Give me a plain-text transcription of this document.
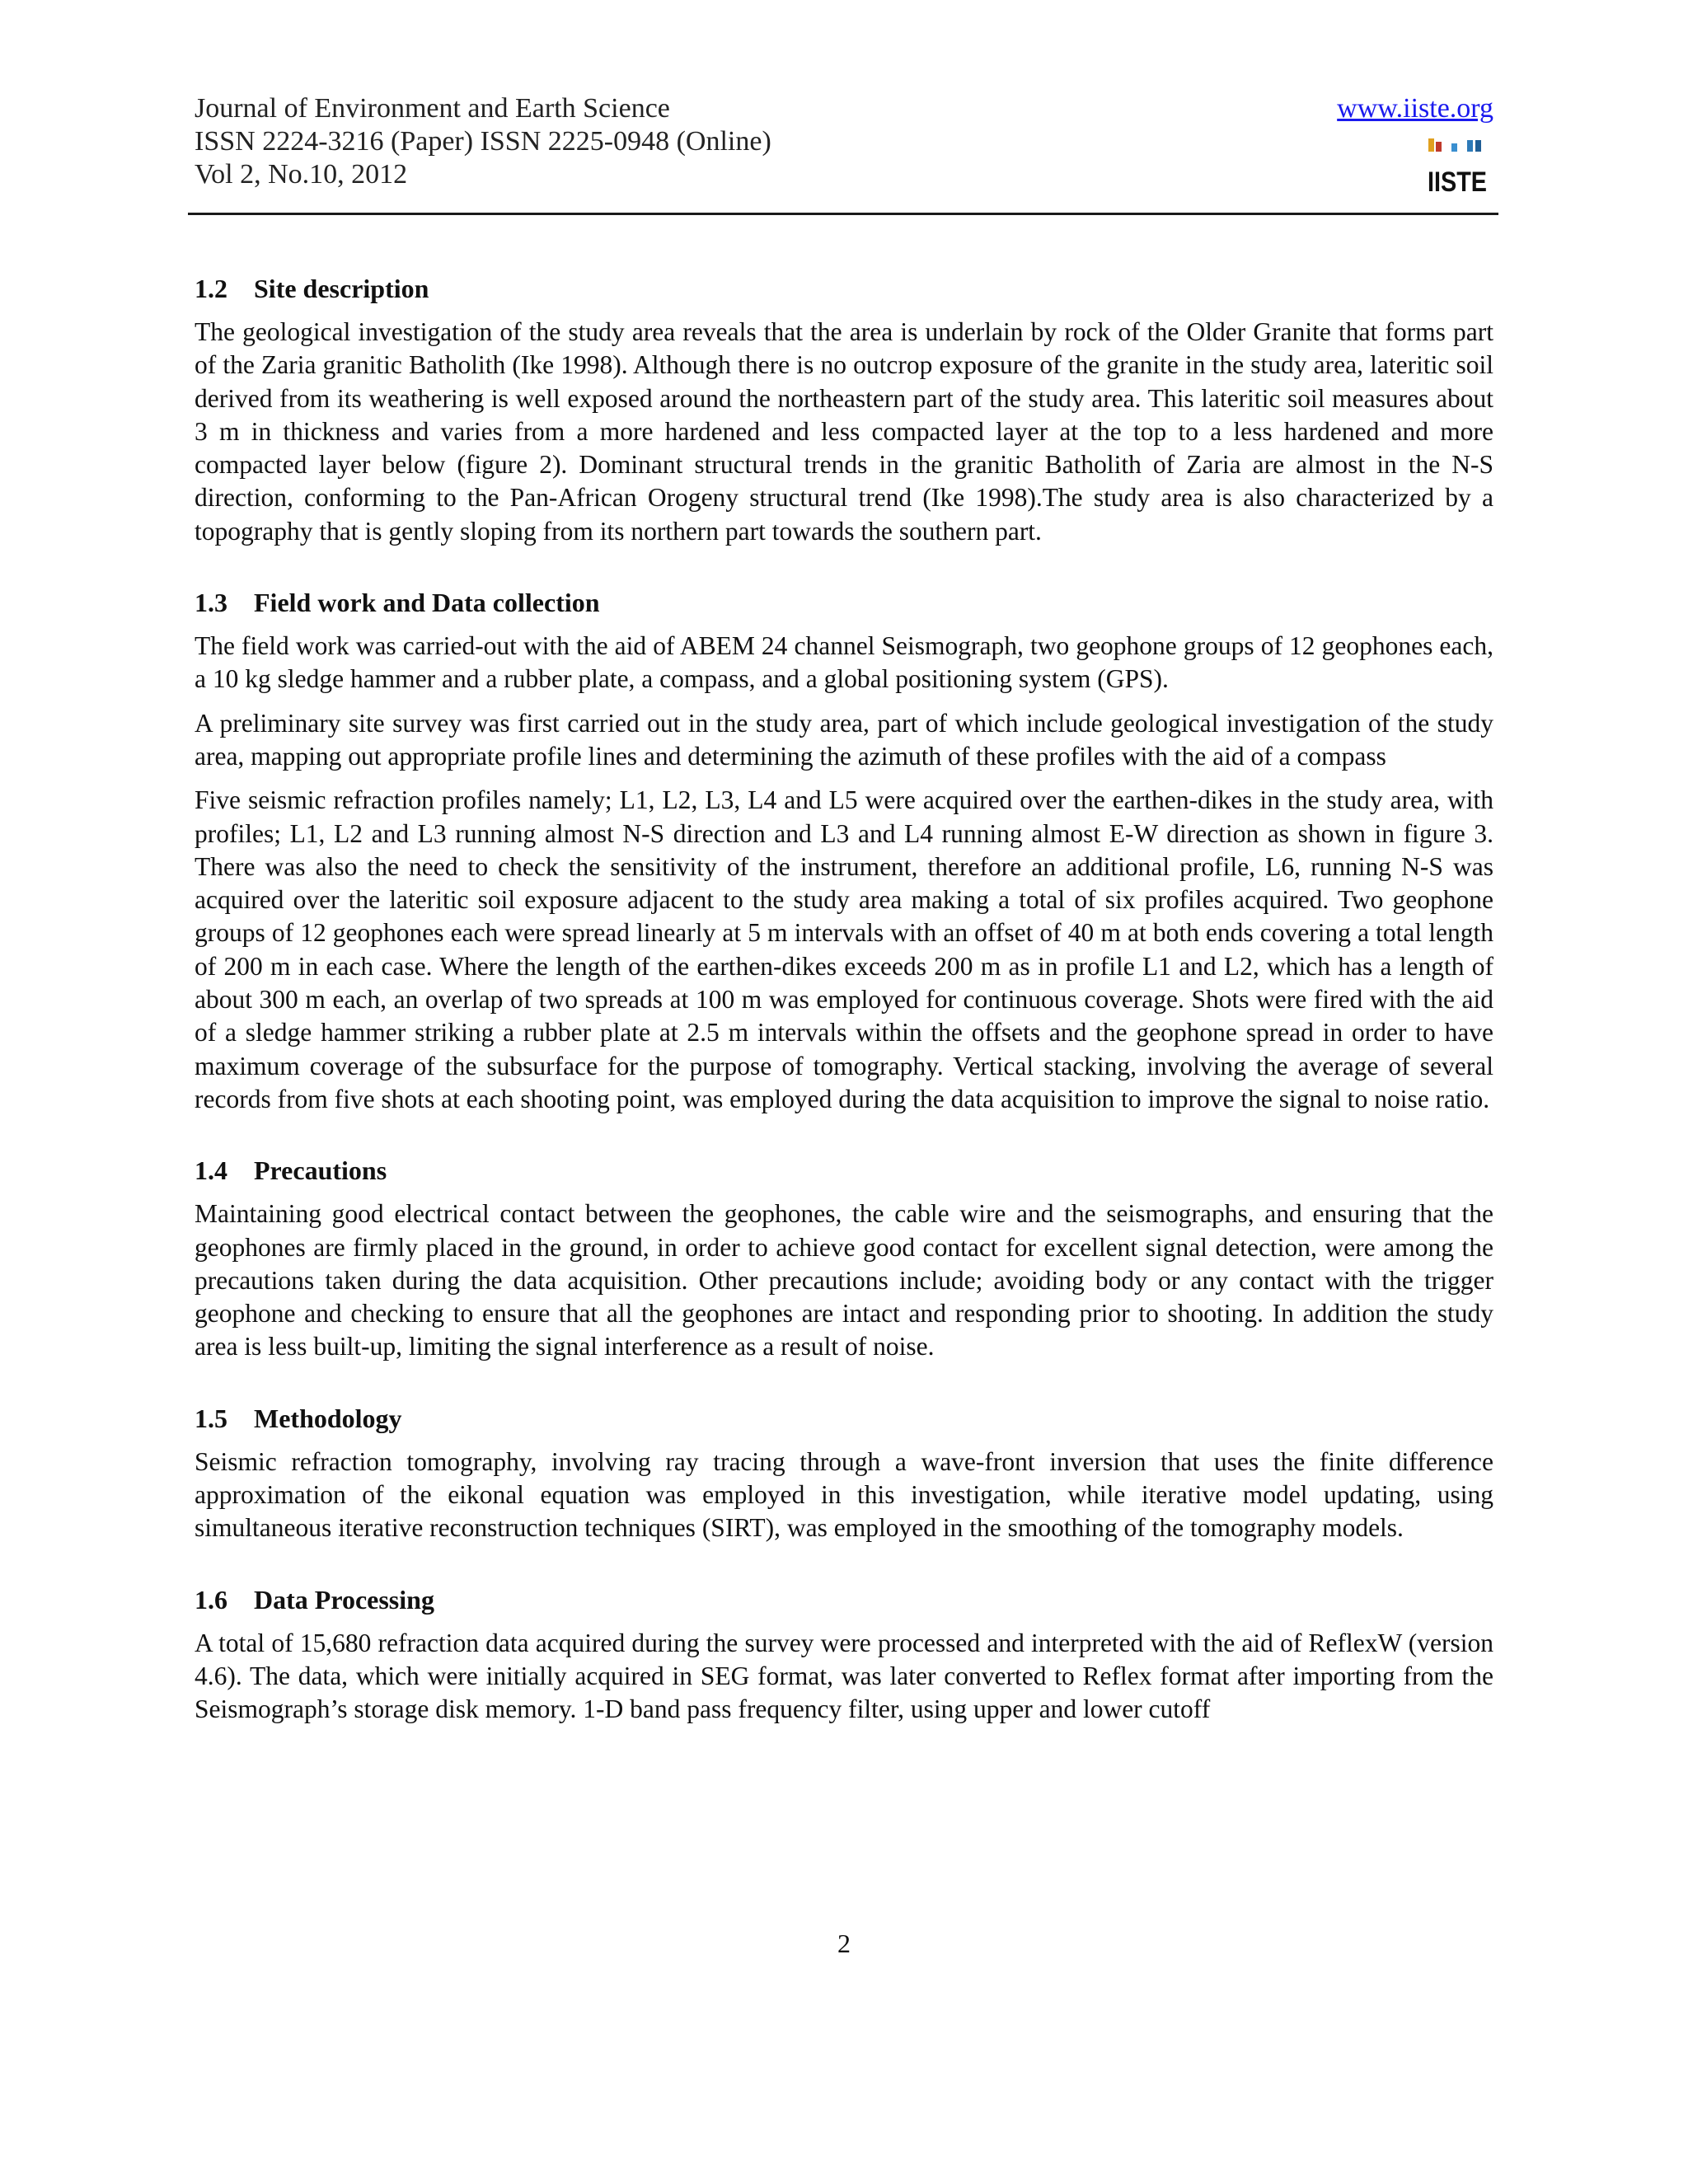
Journal of Environment and Earth Science
ISSN 2224-3216 (Paper) ISSN 2225-0948 (Online)
Vol 2, No.10, 2012
www.iiste.org
IISTE
1.2 Site description

The geological investigation of the study area reveals that the area is underlain by rock of the Older Granite that forms part of the Zaria granitic Batholith (Ike 1998). Although there is no outcrop exposure of the granite in the study area, lateritic soil derived from its weathering is well exposed around the northeastern part of the study area. This lateritic soil measures about 3 m in thickness and varies from a more hardened and less compacted layer at the top to a less hardened and more compacted layer below (figure 2). Dominant structural trends in the granitic Batholith of Zaria are almost in the N-S direction, conforming to the Pan-African Orogeny structural trend (Ike 1998).The study area is also characterized by a topography that is gently sloping from its northern part towards the southern part.

1.3 Field work and Data collection

The field work was carried-out with the aid of ABEM 24 channel Seismograph, two geophone groups of 12 geophones each, a 10 kg sledge hammer and a rubber plate, a compass, and a global positioning system (GPS).

A preliminary site survey was first carried out in the study area, part of which include geological investigation of the study area, mapping out appropriate profile lines and determining the azimuth of these profiles with the aid of a compass

Five seismic refraction profiles namely; L1, L2, L3, L4 and L5 were acquired over the earthen-dikes in the study area, with profiles; L1, L2 and L3 running almost N-S direction and L3 and L4 running almost E-W direction as shown in figure 3. There was also the need to check the sensitivity of the instrument, therefore an additional profile, L6, running N-S was acquired over the lateritic soil exposure adjacent to the study area making a total of six profiles acquired. Two geophone groups of 12 geophones each were spread linearly at 5 m intervals with an offset of 40 m at both ends covering a total length of 200 m in each case. Where the length of the earthen-dikes exceeds 200 m as in profile L1 and L2, which has a length of about 300 m each, an overlap of two spreads at 100 m was employed for continuous coverage. Shots were fired with the aid of a sledge hammer striking a rubber plate at 2.5 m intervals within the offsets and the geophone spread in order to have maximum coverage of the subsurface for the purpose of tomography. Vertical stacking, involving the average of several records from five shots at each shooting point, was employed during the data acquisition to improve the signal to noise ratio.

1.4 Precautions

Maintaining good electrical contact between the geophones, the cable wire and the seismographs, and ensuring that the geophones are firmly placed in the ground, in order to achieve good contact for excellent signal detection, were among the precautions taken during the data acquisition. Other precautions include; avoiding body or any contact with the trigger geophone and checking to ensure that all the geophones are intact and responding prior to shooting. In addition the study area is less built-up, limiting the signal interference as a result of noise.

1.5 Methodology

Seismic refraction tomography, involving ray tracing through a wave-front inversion that uses the finite difference approximation of the eikonal equation was employed in this investigation, while iterative model updating, using simultaneous iterative reconstruction techniques (SIRT), was employed in the smoothing of the tomography models.

1.6 Data Processing

A total of 15,680 refraction data acquired during the survey were processed and interpreted with the aid of ReflexW (version 4.6). The data, which were initially acquired in SEG format, was later converted to Reflex format after importing from the Seismograph’s storage disk memory. 1-D band pass frequency filter, using upper and lower cutoff

2
